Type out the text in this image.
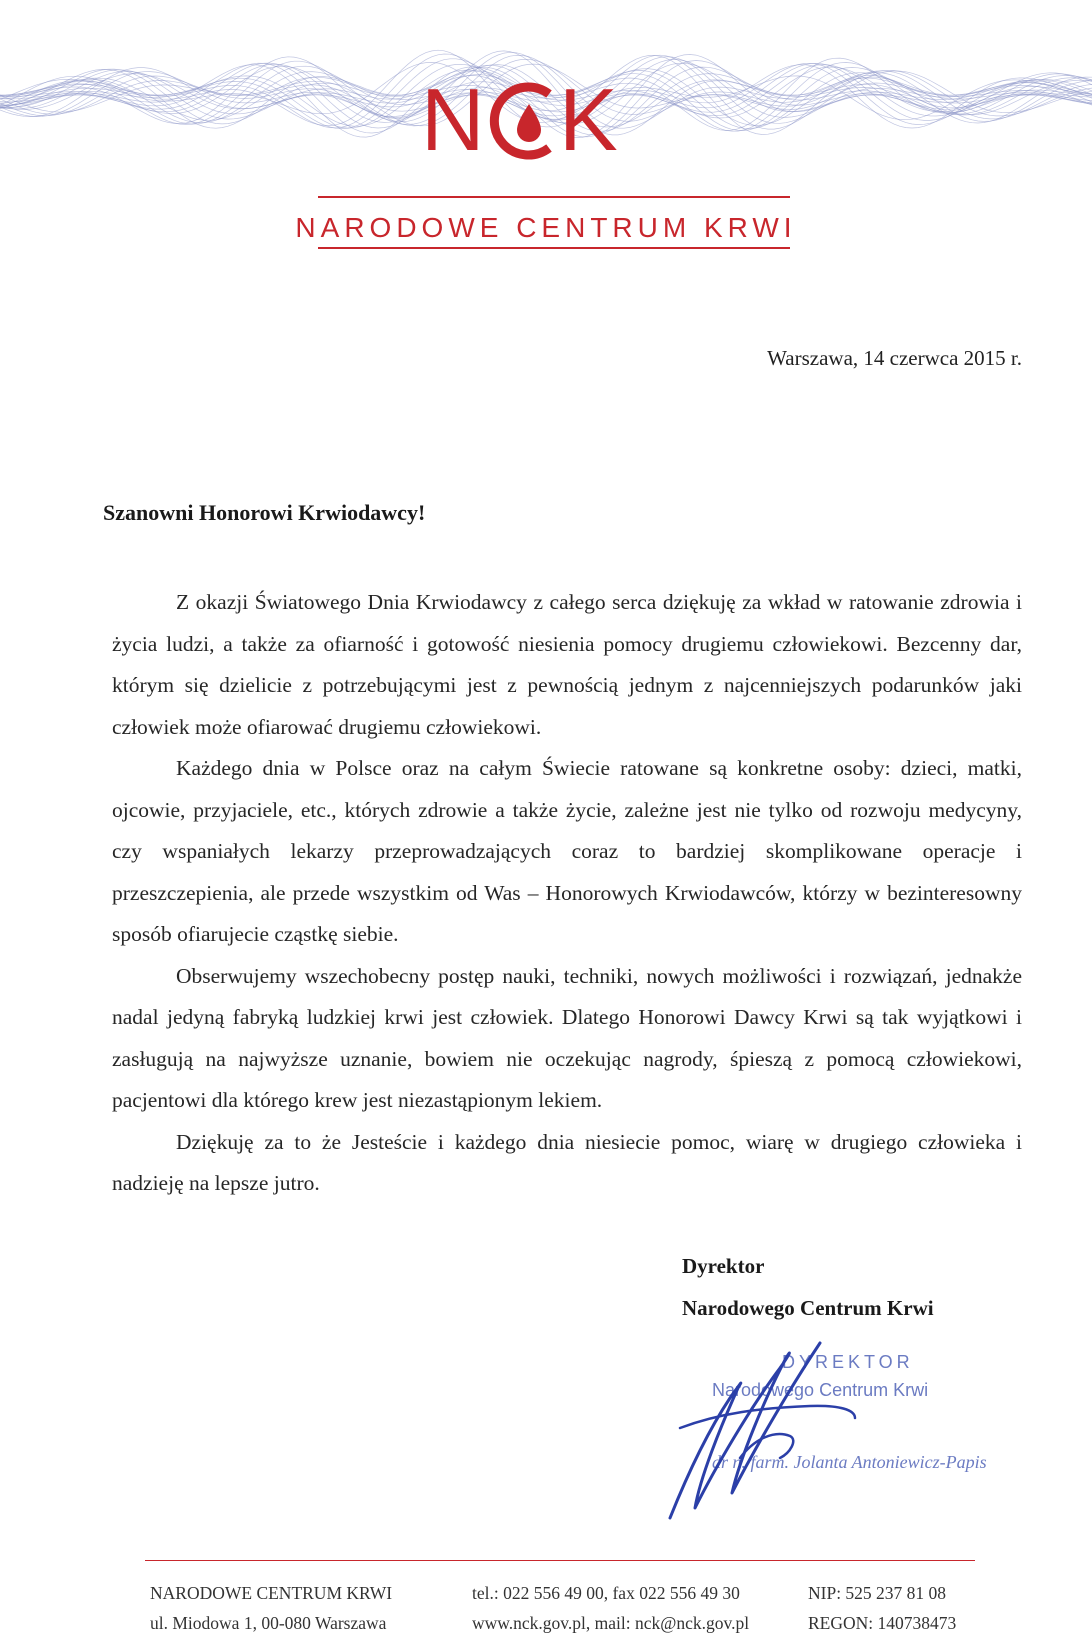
N K
NARODOWE CENTRUM KRWI
Warszawa, 14 czerwca 2015 r.
Szanowni Honorowi Krwiodawcy!

Z okazji Światowego Dnia Krwiodawcy z całego serca dziękuję za wkład w ratowanie zdrowia i życia ludzi, a także za ofiarność i gotowość niesienia pomocy drugiemu człowiekowi. Bezcenny dar, którym się dzielicie z potrzebującymi jest z pewnością jednym z najcenniejszych podarunków jaki człowiek może ofiarować drugiemu człowiekowi.

Każdego dnia w Polsce oraz na całym Świecie ratowane są konkretne osoby: dzieci, matki, ojcowie, przyjaciele, etc., których zdrowie a także życie, zależne jest nie tylko od rozwoju medycyny, czy wspaniałych lekarzy przeprowadzających coraz to bardziej skomplikowane operacje i przeszczepienia, ale przede wszystkim od Was – Honorowych Krwiodawców, którzy w bezinteresowny sposób ofiarujecie cząstkę siebie.

Obserwujemy wszechobecny postęp nauki, techniki, nowych możliwości i rozwiązań, jednakże nadal jedyną fabryką ludzkiej krwi jest człowiek. Dlatego Honorowi Dawcy Krwi są tak wyjątkowi i zasługują na najwyższe uznanie, bowiem nie oczekując nagrody, śpieszą z pomocą człowiekowi, pacjentowi dla którego krew jest niezastąpionym lekiem.

Dziękuję za to że Jesteście i każdego dnia niesiecie pomoc, wiarę w drugiego człowieka i nadzieję na lepsze jutro.

Dyrektor
Narodowego Centrum Krwi
DYREKTOR
Narodowego Centrum Krwi
dr n. farm. Jolanta Antoniewicz-Papis
NARODOWE CENTRUM KRWI
ul. Miodowa 1, 00-080 Warszawa
tel.: 022 556 49 00, fax 022 556 49 30
www.nck.gov.pl, mail: nck@nck.gov.pl
NIP: 525 237 81 08
REGON: 140738473
